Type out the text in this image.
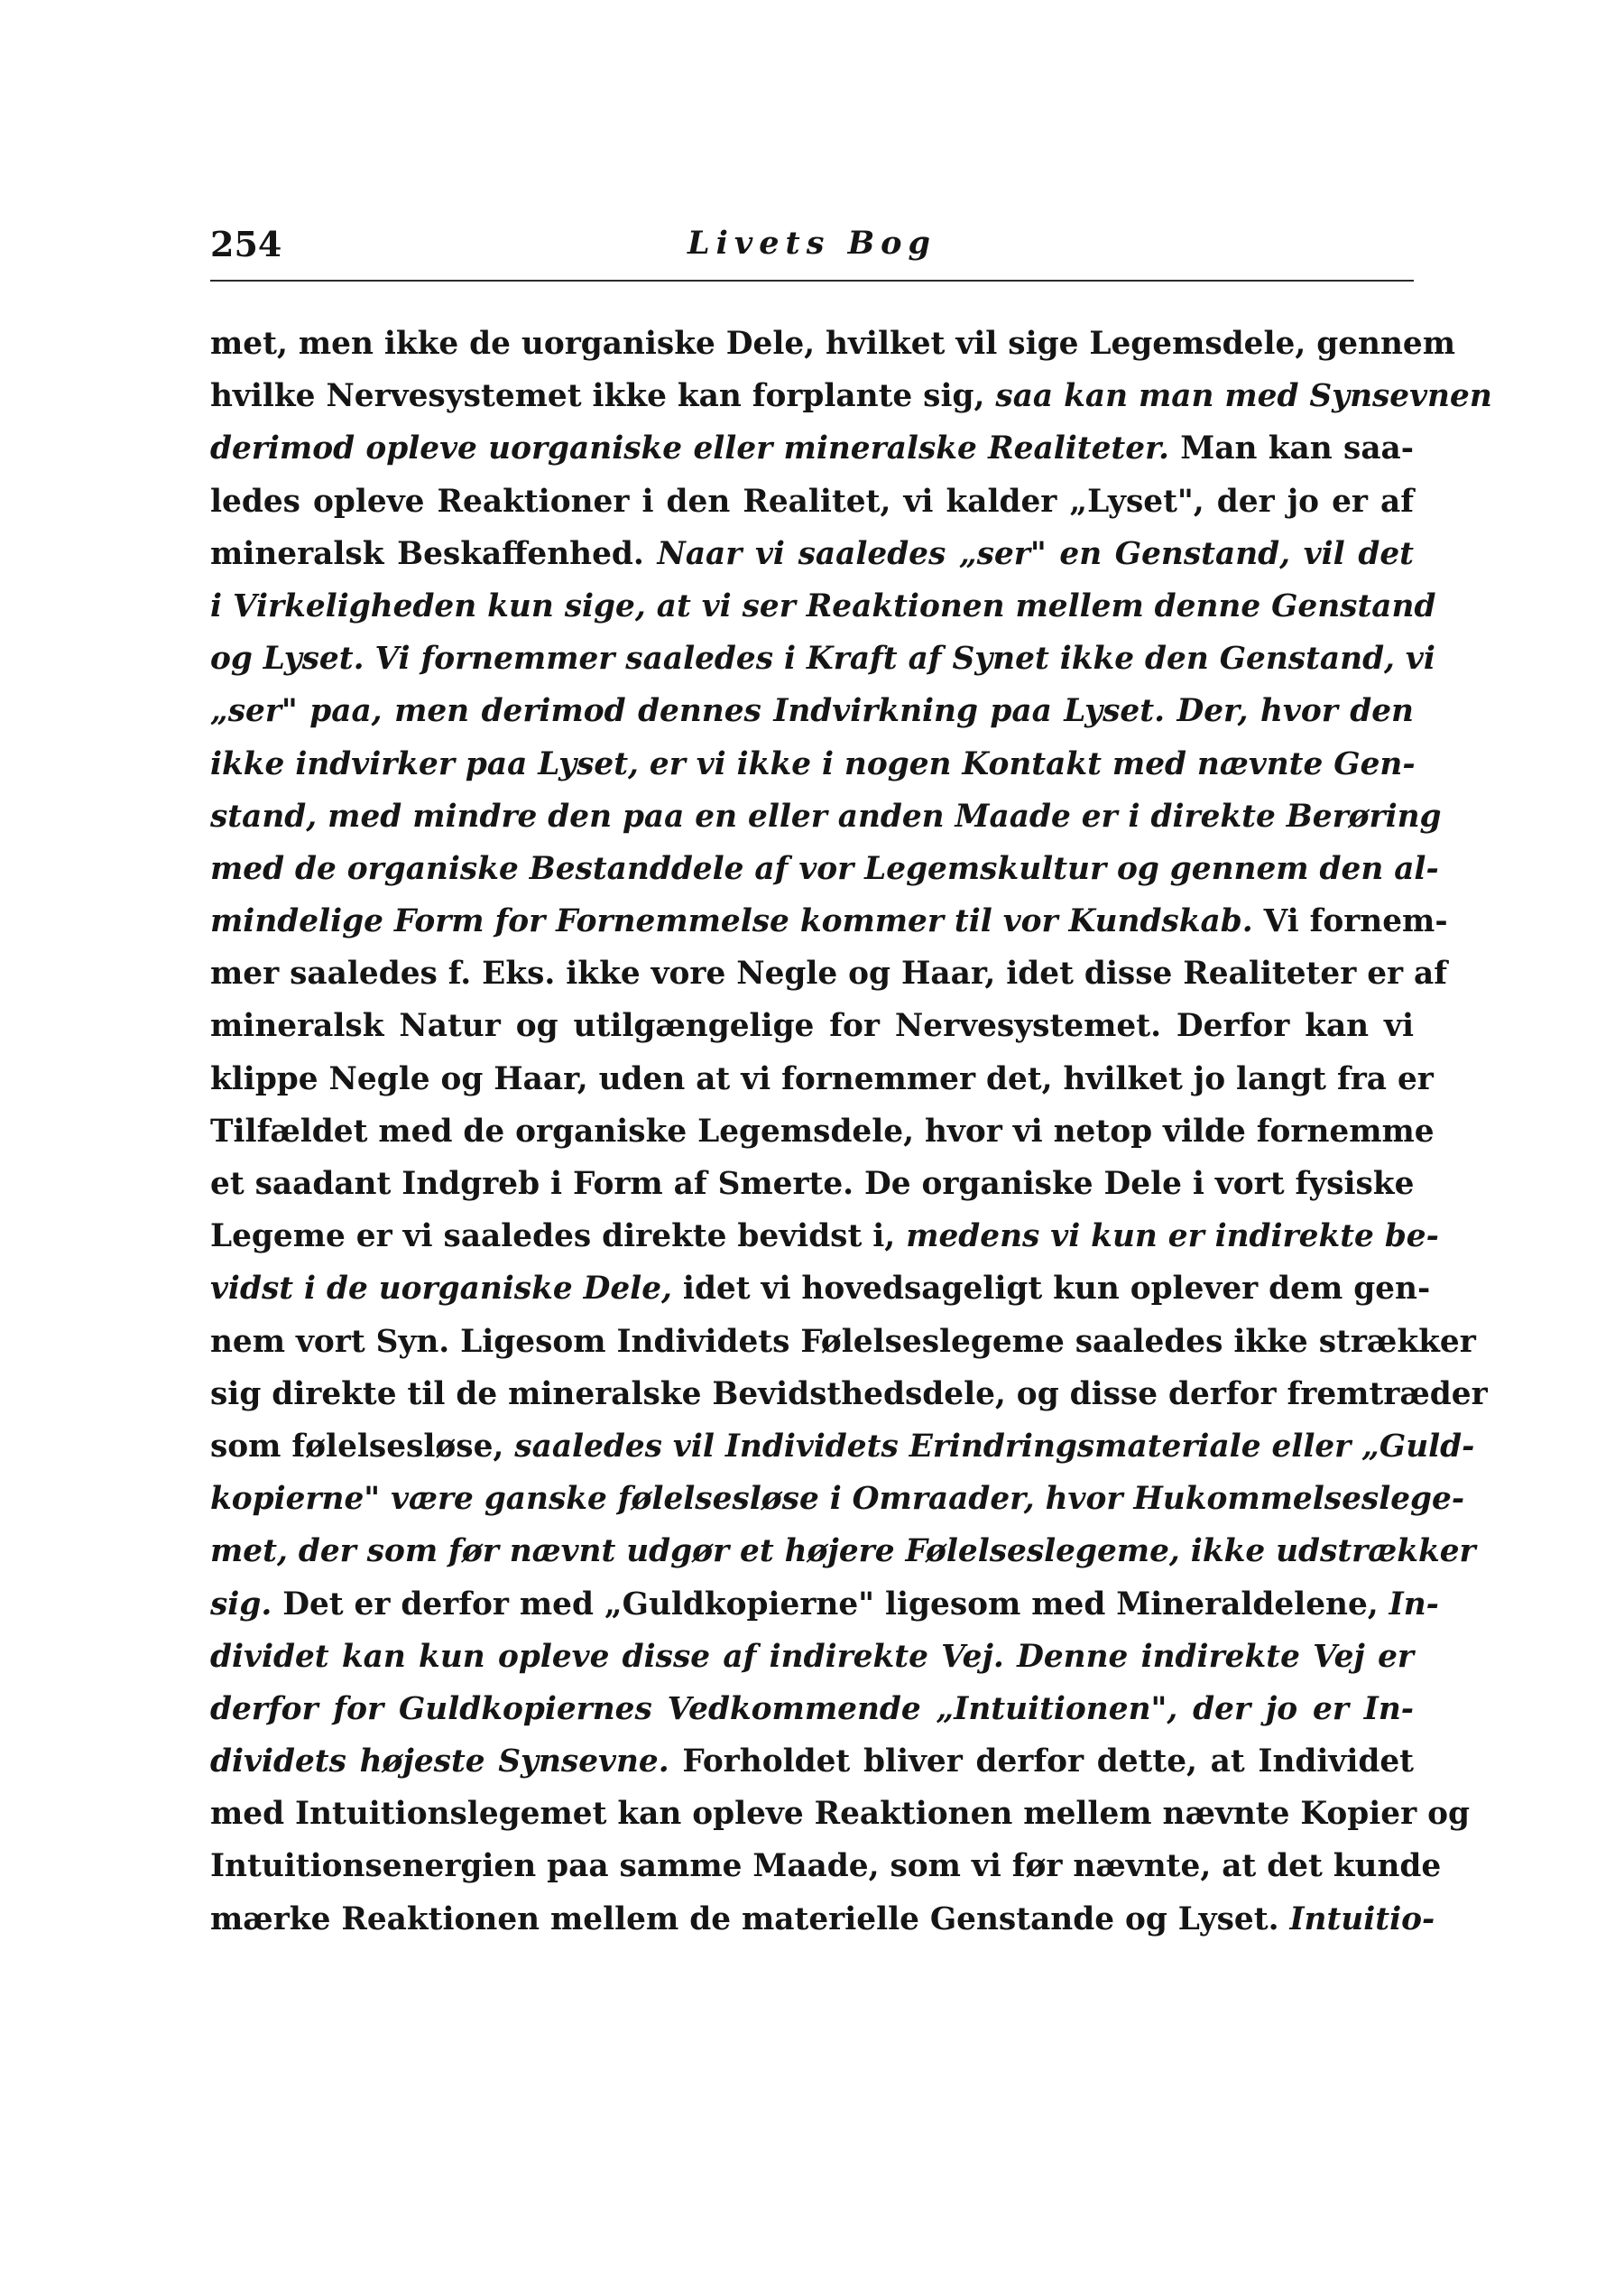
254	Livets Bog
met, men ikke de uorganiske Dele, hvilket vil sige Legemsdele, gennem
hvilke Nervesystemet ikke kan forplante sig, saa kan man med Synsevnen
derimod opleve uorganiske eller mineralske Realiteter. Man kan saa-
ledes opleve Reaktioner i den Realitet, vi kalder „Lyset", der jo er af
mineralsk Beskaffenhed. Naar vi saaledes „ser" en Genstand, vil det
i Virkeligheden kun sige, at vi ser Reaktionen mellem denne Genstand
og Lyset. Vi fornemmer saaledes i Kraft af Synet ikke den Genstand, vi
„ser" paa, men derimod dennes Indvirkning paa Lyset. Der, hvor den
ikke indvirker paa Lyset, er vi ikke i nogen Kontakt med nævnte Gen-
stand, med mindre den paa en eller anden Maade er i direkte Berøring
med de organiske Bestanddele af vor Legemskultur og gennem den al-
mindelige Form for Fornemmelse kommer til vor Kundskab. Vi fornem-
mer saaledes f. Eks. ikke vore Negle og Haar, idet disse Realiteter er af
mineralsk Natur og utilgængelige for Nervesystemet. Derfor kan vi
klippe Negle og Haar, uden at vi fornemmer det, hvilket jo langt fra er
Tilfældet med de organiske Legemsdele, hvor vi netop vilde fornemme
et saadant Indgreb i Form af Smerte. De organiske Dele i vort fysiske
Legeme er vi saaledes direkte bevidst i, medens vi kun er indirekte be-
vidst i de uorganiske Dele, idet vi hovedsageligt kun oplever dem gen-
nem vort Syn. Ligesom Individets Følelseslegeme saaledes ikke strækker
sig direkte til de mineralske Bevidsthedsdele, og disse derfor fremtræder
som følelsesløse, saaledes vil Individets Erindringsmateriale eller „Guld-
kopierne" være ganske følelsesløse i Omraader, hvor Hukommelseslege-
met, der som før nævnt udgør et højere Følelseslegeme, ikke udstrækker
sig. Det er derfor med „Guldkopierne" ligesom med Mineraldelene, In-
dividet kan kun opleve disse af indirekte Vej. Denne indirekte Vej er
derfor for Guldkopiernes Vedkommende „Intuitionen", der jo er In-
dividets højeste Synsevne. Forholdet bliver derfor dette, at Individet
med Intuitionslegemet kan opleve Reaktionen mellem nævnte Kopier og
Intuitionsenergien paa samme Maade, som vi før nævnte, at det kunde
mærke Reaktionen mellem de materielle Genstande og Lyset. Intuitio-
